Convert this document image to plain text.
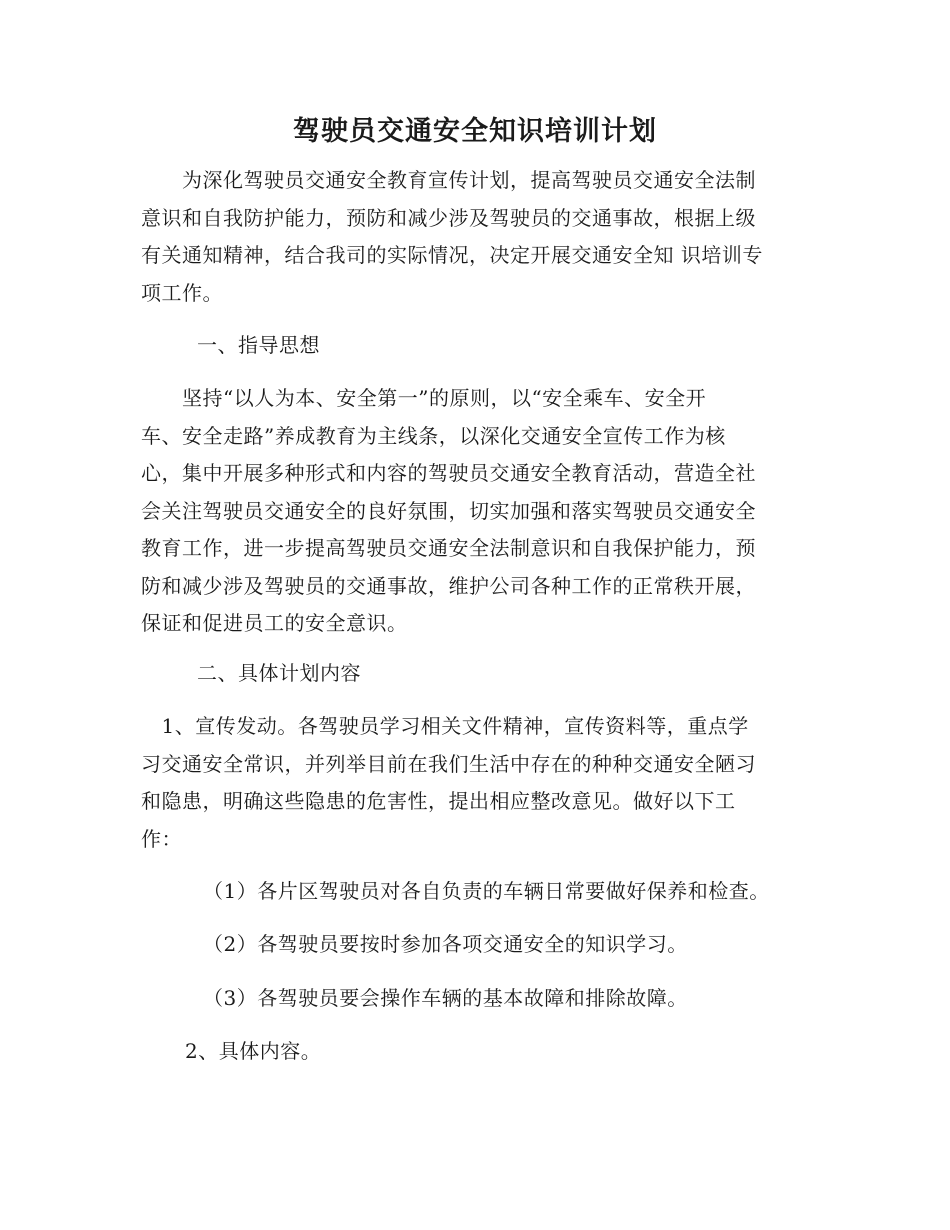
驾驶员交通安全知识培训计划
　　为深化驾驶员交通安全教育宣传计划，提高驾驶员交通安全法制
意识和自我防护能力，预防和减少涉及驾驶员的交通事故，根据上级
有关通知精神，结合我司的实际情况，决定开展交通安全知 识培训专
项工作。
一、指导思想
　　坚持“以人为本、安全第一”的原则，以“安全乘车、安全开
车、安全走路”养成教育为主线条，以深化交通安全宣传工作为核
心，集中开展多种形式和内容的驾驶员交通安全教育活动，营造全社
会关注驾驶员交通安全的良好氛围，切实加强和落实驾驶员交通安全
教育工作，进一步提高驾驶员交通安全法制意识和自我保护能力，预
防和减少涉及驾驶员的交通事故，维护公司各种工作的正常秩开展，
保证和促进员工的安全意识。
二、具体计划内容
　1、宣传发动。各驾驶员学习相关文件精神，宣传资料等，重点学
习交通安全常识，并列举目前在我们生活中存在的种种交通安全陋习
和隐患，明确这些隐患的危害性，提出相应整改意见。做好以下工
作：
（1）各片区驾驶员对各自负责的车辆日常要做好保养和检查。
（2）各驾驶员要按时参加各项交通安全的知识学习。
（3）各驾驶员要会操作车辆的基本故障和排除故障。
2、具体内容。
